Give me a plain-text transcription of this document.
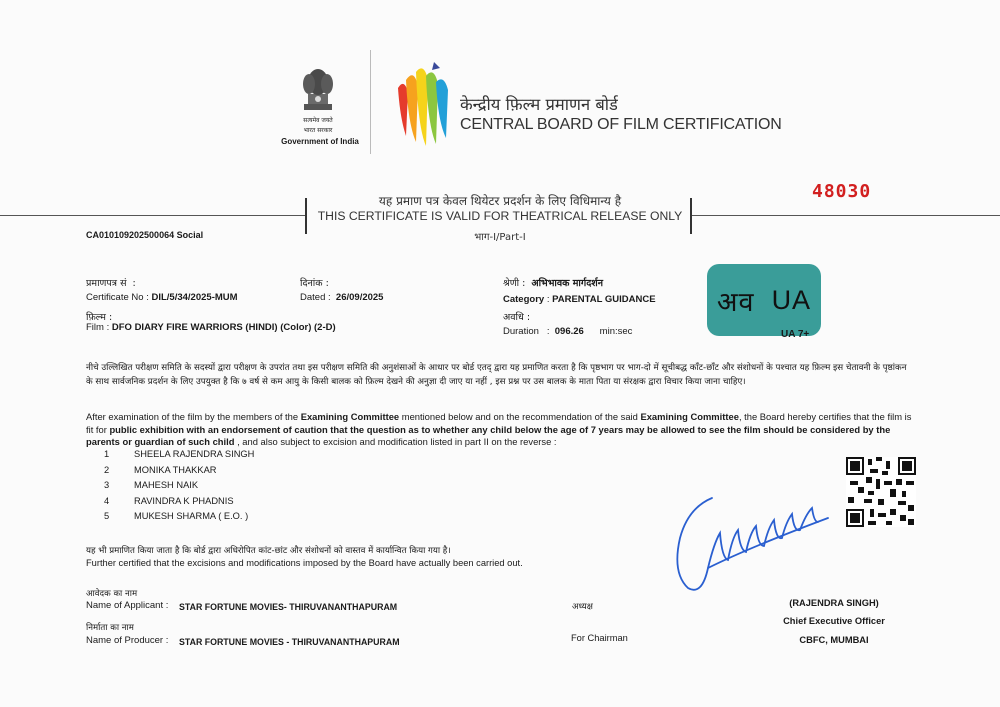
सत्यमेव जयते
भारत सरकार
Government of India
केन्द्रीय फ़िल्म प्रमाणन बोर्ड
CENTRAL BOARD OF FILM CERTIFICATION
यह प्रमाण पत्र केवल थियेटर प्रदर्शन के लिए विधिमान्य है
THIS CERTIFICATE IS VALID FOR THEATRICAL RELEASE ONLY
भाग-I/Part-I
48030
CA010109202500064 Social
प्रमाणपत्र सं  :
Certificate No : DIL/5/34/2025-MUM
दिनांक :
Dated :  26/09/2025
फ़िल्म :
Film : DFO DIARY FIRE WARRIORS (HINDI) (Color) (2-D)
श्रेणी :  अभिभावक मार्गदर्शन
Category : PARENTAL GUIDANCE
अवधि :
Duration   :  096.26 min:sec
अव
UA
UA 7+
नीचे उल्लिखित परीक्षण समिति के सदस्यों द्वारा परीक्षण के उपरांत तथा इस परीक्षण समिति की अनुशंसाओं के आधार पर बोर्ड एतद् द्वारा यह प्रमाणित करता है कि पृष्ठभाग पर भाग-दो में सूचीबद्ध काँट-छाँट और संशोधनों के पश्चात यह फ़िल्म इस चेतावनी के पृष्ठांकन के साथ सार्वजनिक प्रदर्शन के लिए उपयुक्त है कि ७ वर्ष से कम आयु के किसी बालक को फ़िल्म देखने की अनुज्ञा दी जाए या नहीं , इस प्रश्न पर उस बालक के माता पिता या संरक्षक द्वारा विचार किया जाना चाहिए।
After examination of the film by the members of the Examining Committee mentioned below and on the recommendation of the said Examining Committee, the Board hereby certifies that the film is fit for public exhibition with an endorsement of caution that the question as to whether any child below the age of 7 years may be allowed to see the film should be considered by the parents or guardian of such child , and also subject to excision and modification listed in part II on the reverse :
1	SHEELA RAJENDRA SINGH
2	MONIKA THAKKAR
3	MAHESH NAIK
4	RAVINDRA K PHADNIS
5	MUKESH SHARMA ( E.O. )
यह भी प्रमाणित किया जाता है कि बोर्ड द्वारा अधिरोपित कांट-छांट और संशोधनों को वास्तव में कार्यान्वित किया गया है।
Further certified that the excisions and modifications imposed by the Board have actually been carried out.
आवेदक का नाम
Name of Applicant : STAR FORTUNE MOVIES- THIRUVANANTHAPURAM
निर्माता का नाम
Name of Producer : STAR FORTUNE MOVIES - THIRUVANANTHAPURAM
अध्यक्ष
For Chairman
(RAJENDRA SINGH)
Chief Executive Officer
CBFC, MUMBAI
